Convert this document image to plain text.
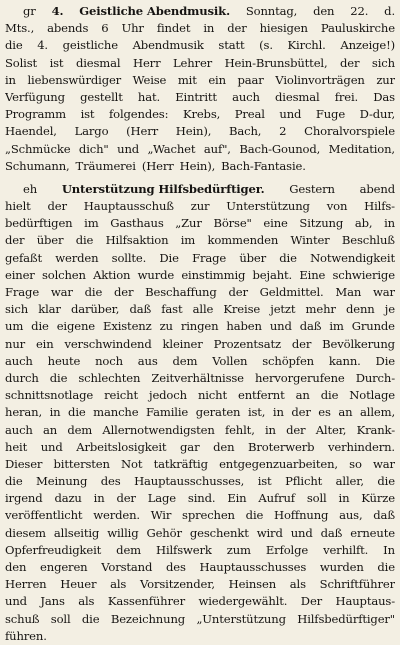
gr 4. Geistliche Abendmusik. Sonntag, den 22. d.
Mts., abends 6 Uhr findet in der hiesigen Pauluskirche
die 4. geistliche Abendmusik statt (s. Kirchl. Anzeige!)
Solist ist diesmal Herr Lehrer Hein-Brunsbüttel, der sich
in liebenswürdiger Weise mit ein paar Violinvorträgen zur
Verfügung gestellt hat. Eintritt auch diesmal frei. Das
Programm ist folgendes: Krebs, Preal und Fuge D-dur,
Haendel, Largo (Herr Hein), Bach, 2 Choralvorspiele
„Schmücke dich" und „Wachet auf", Bach-Gounod, Meditation,
Schumann, Träumerei (Herr Hein), Bach-Fantasie.
eh Unterstützung Hilfsbedürftiger. Gestern abend
hielt der Hauptausschuß zur Unterstützung von Hilfs-
bedürftigen im Gasthaus „Zur Börse" eine Sitzung ab, in
der über die Hilfsaktion im kommenden Winter Beschluß
gefaßt werden sollte. Die Frage über die Notwendigkeit
einer solchen Aktion wurde einstimmig bejaht. Eine schwierige
Frage war die der Beschaffung der Geldmittel. Man war
sich klar darüber, daß fast alle Kreise jetzt mehr denn je
um die eigene Existenz zu ringen haben und daß im Grunde
nur ein verschwindend kleiner Prozentsatz der Bevölkerung
auch heute noch aus dem Vollen schöpfen kann. Die
durch die schlechten Zeitverhältnisse hervorgerufene Durch-
schnittsnotlage reicht jedoch nicht entfernt an die Notlage
heran, in die manche Familie geraten ist, in der es an allem,
auch an dem Allernotwendigsten fehlt, in der Alter, Krank-
heit und Arbeitslosigkeit gar den Broterwerb verhindern.
Dieser bittersten Not tatkräftig entgegenzuarbeiten, so war
die Meinung des Hauptausschusses, ist Pflicht aller, die
irgend dazu in der Lage sind. Ein Aufruf soll in Kürze
veröffentlicht werden. Wir sprechen die Hoffnung aus, daß
diesem allseitig willig Gehör geschenkt wird und daß erneute
Opferfreudigkeit dem Hilfswerk zum Erfolge verhilft. In
den engeren Vorstand des Hauptausschusses wurden die
Herren Heuer als Vorsitzender, Heinsen als Schriftführer
und Jans als Kassenführer wiedergewählt. Der Hauptaus-
schuß soll die Bezeichnung „Unterstützung Hilfsbedürftiger"
führen.
